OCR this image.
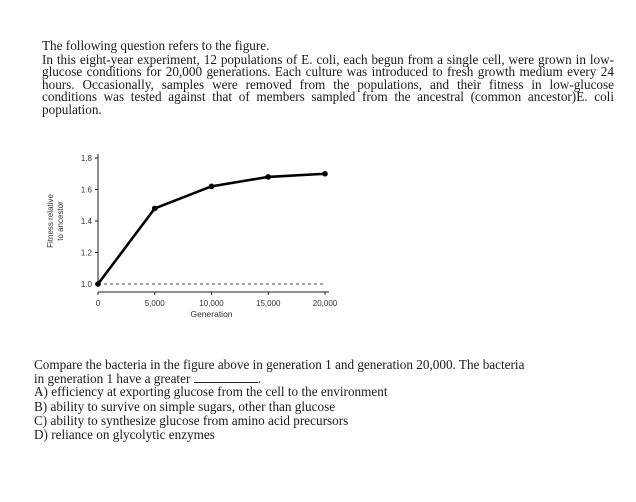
The following question refers to the figure.

In this eight-year experiment, 12 populations of E. coli, each begun from a single cell, were grown in low-glucose conditions for 20,000 generations. Each culture was introduced to fresh growth medium every 24 hours. Occasionally, samples were removed from the populations, and their fitness in low-glucose conditions was tested against that of members sampled from the ancestral (common ancestor)E. coli population.

1.0
1.2
1.4
1.6
1.8
0	5,000	10,000	15,000	20,000
Generation
Fitness relative to ancestor

Compare the bacteria in the figure above in generation 1 and generation 20,000. The bacteria

in generation 1 have a greater	.

A) efficiency at exporting glucose from the cell to the environment
B) ability to survive on simple sugars, other than glucose
C) ability to synthesize glucose from amino acid precursors
D) reliance on glycolytic enzymes
